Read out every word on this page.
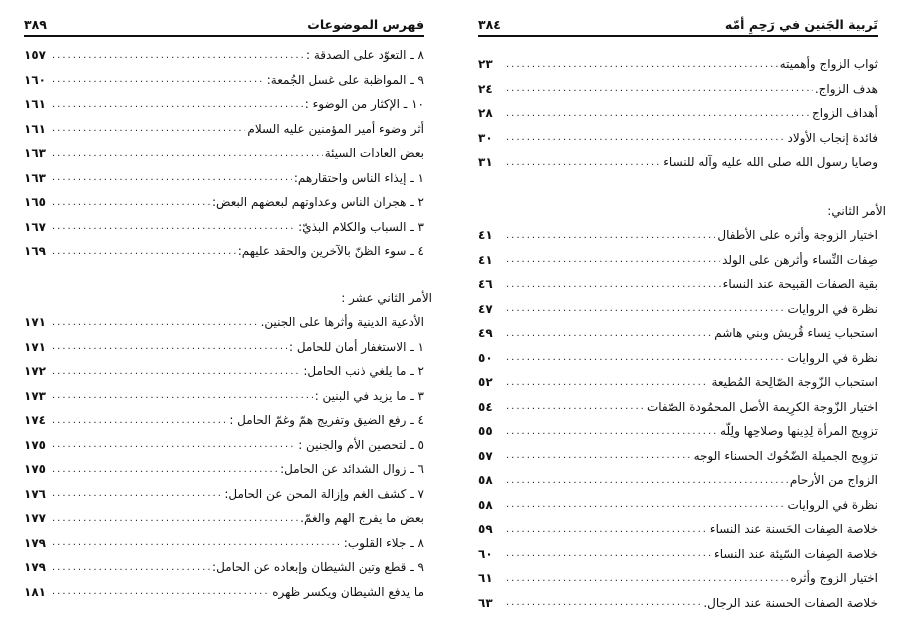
٣٨٩	فهرس الموضوعات
٨ ـ التعوّد على الصدقة :
.....
١٥٧
٩ ـ المواظبة على غسل الجُمعة:
.....
١٦٠
١٠ ـ الإكثار من الوضوء :
.....
١٦١
أثر وضوء أمير المؤمنين عليه السلام
.....
١٦١
بعض العادات السيئة
.....
١٦٣
١ ـ إيذاء الناس واحتقارهم:
.....
١٦٣
٢ ـ هجران الناس وعداوتهم لبعضهم البعض:
.....
١٦٥
٣ ـ السباب والكلام البذيّ:
.....
١٦٧
٤ ـ سوء الظنّ بالآخرين والحقد عليهم:
.....
١٦٩
الأمر الثاني عشر :
الأدعية الدينية وأثرها على الجنين.
.....
١٧١
١ ـ الاستغفار أمان للحامل :
.....
١٧١
٢ ـ ما يلغي ذنب الحامل:
.....
١٧٢
٣ ـ ما يزيد في البنين :
.....
١٧٣
٤ ـ رفع الضيق وتفريج همّ وغمّ الحامل :
.....
١٧٤
٥ ـ لتحصين الأم والجنين :
.....
١٧٥
٦ ـ زوال الشدائد عن الحامل:
.....
١٧٥
٧ ـ كشف الغم وإزالة المحن عن الحامل:
.....
١٧٦
بعض ما يفرج الهم والغمّ.
.....
١٧٧
٨ ـ جلاء القلوب:
.....
١٧٩
٩ ـ قطع وتين الشيطان وإبعاده عن الحامل:
.....
١٧٩
ما يدفع الشيطان ويكسر ظهره
.....
١٨١
٣٨٤	تَربية الجَنين في رَحِمِ أمّه
ثواب الزواج وأهميته
.....
٢٣
هدف الزواج.
.....
٢٤
أهداف الزواج
.....
٢٨
فائدة إنجاب الأولاد
.....
٣٠
وصايا رسول الله صلى الله عليه وآله للنساء
.....
٣١
الأمر الثاني:
اختيار الزوجة وأثره على الأطفال
.....
٤١
صِفات النِّساء وأثرهن على الولد
.....
٤١
بقية الصفات القبيحة عند النساء
.....
٤٦
نظرة في الروايات
.....
٤٧
استحباب نِساء قُريش وبني هاشم
.....
٤٩
نظرة في الروايات
.....
٥٠
استحباب الزّوجة الصّالِحة المُطيعة
.....
٥٢
اختيار الزّوجة الكرِيمة الأصل المحمُودة الصّفات
.....
٥٤
تزوِيج المرأة لِدِينها وصلاحِها ولِلّه
.....
٥٥
تزوِيج الجميلة الضّحُوك الحسناء الوجه
.....
٥٧
الزواج من الأرحام
.....
٥٨
نظرة في الروايات
.....
٥٨
خلاصة الصِفات الحَسنة عند النساء
.....
٥٩
خلاصة الصِفات السّيئة عند النساء
.....
٦٠
اختيار الزوج وأثره
.....
٦١
خلاصة الصفات الحسنة عند الرجال.
.....
٦٣
